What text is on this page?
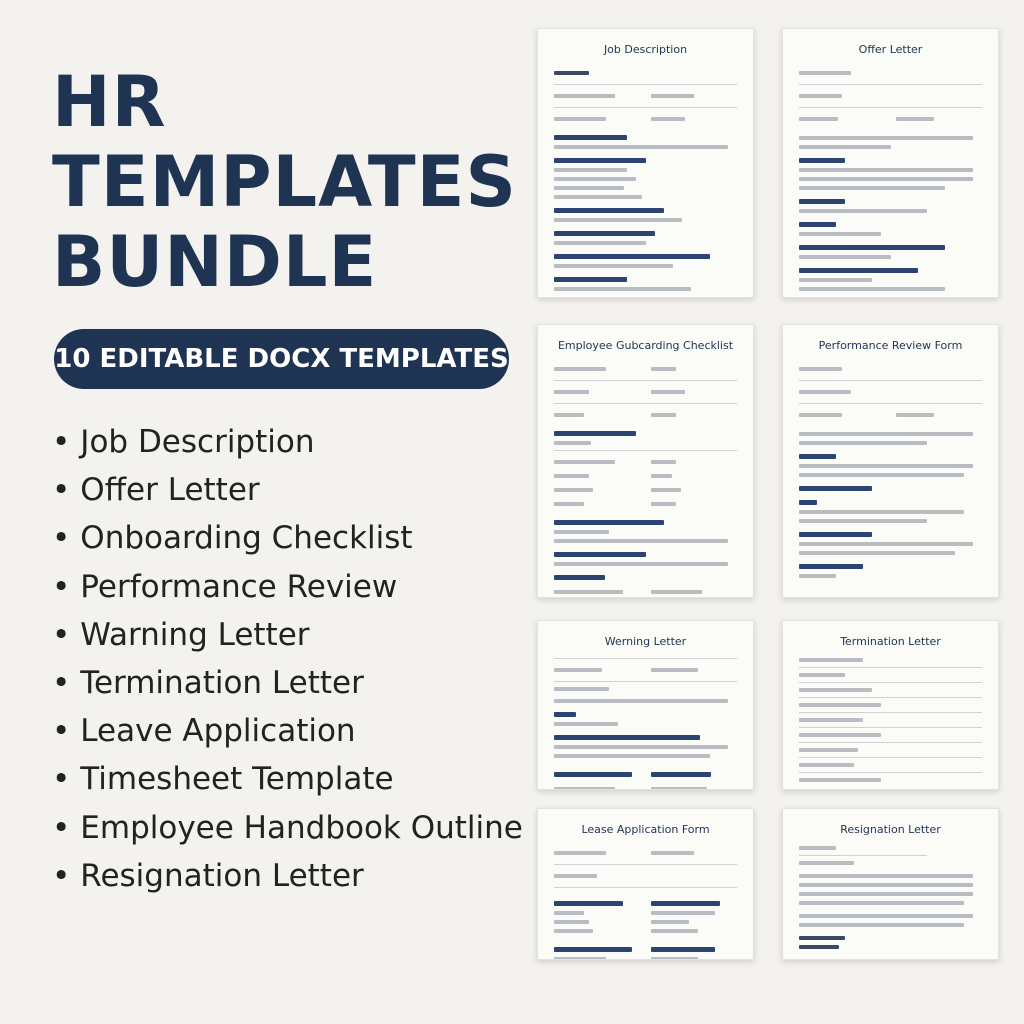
HR
TEMPLATES
BUNDLE
10 EDITABLE DOCX TEMPLATES
• Job Description
• Offer Letter
• Onboarding Checklist
• Performance Review
• Warning Letter
• Termination Letter
• Leave Application
• Timesheet Template
• Employee Handbook Outline
• Resignation Letter
Job Description	Offer Letter
Employee Gubcarding Checklist	Performance Review Form
Werning Letter	Termination Letter
Lease Application Form	Resignation Letter
